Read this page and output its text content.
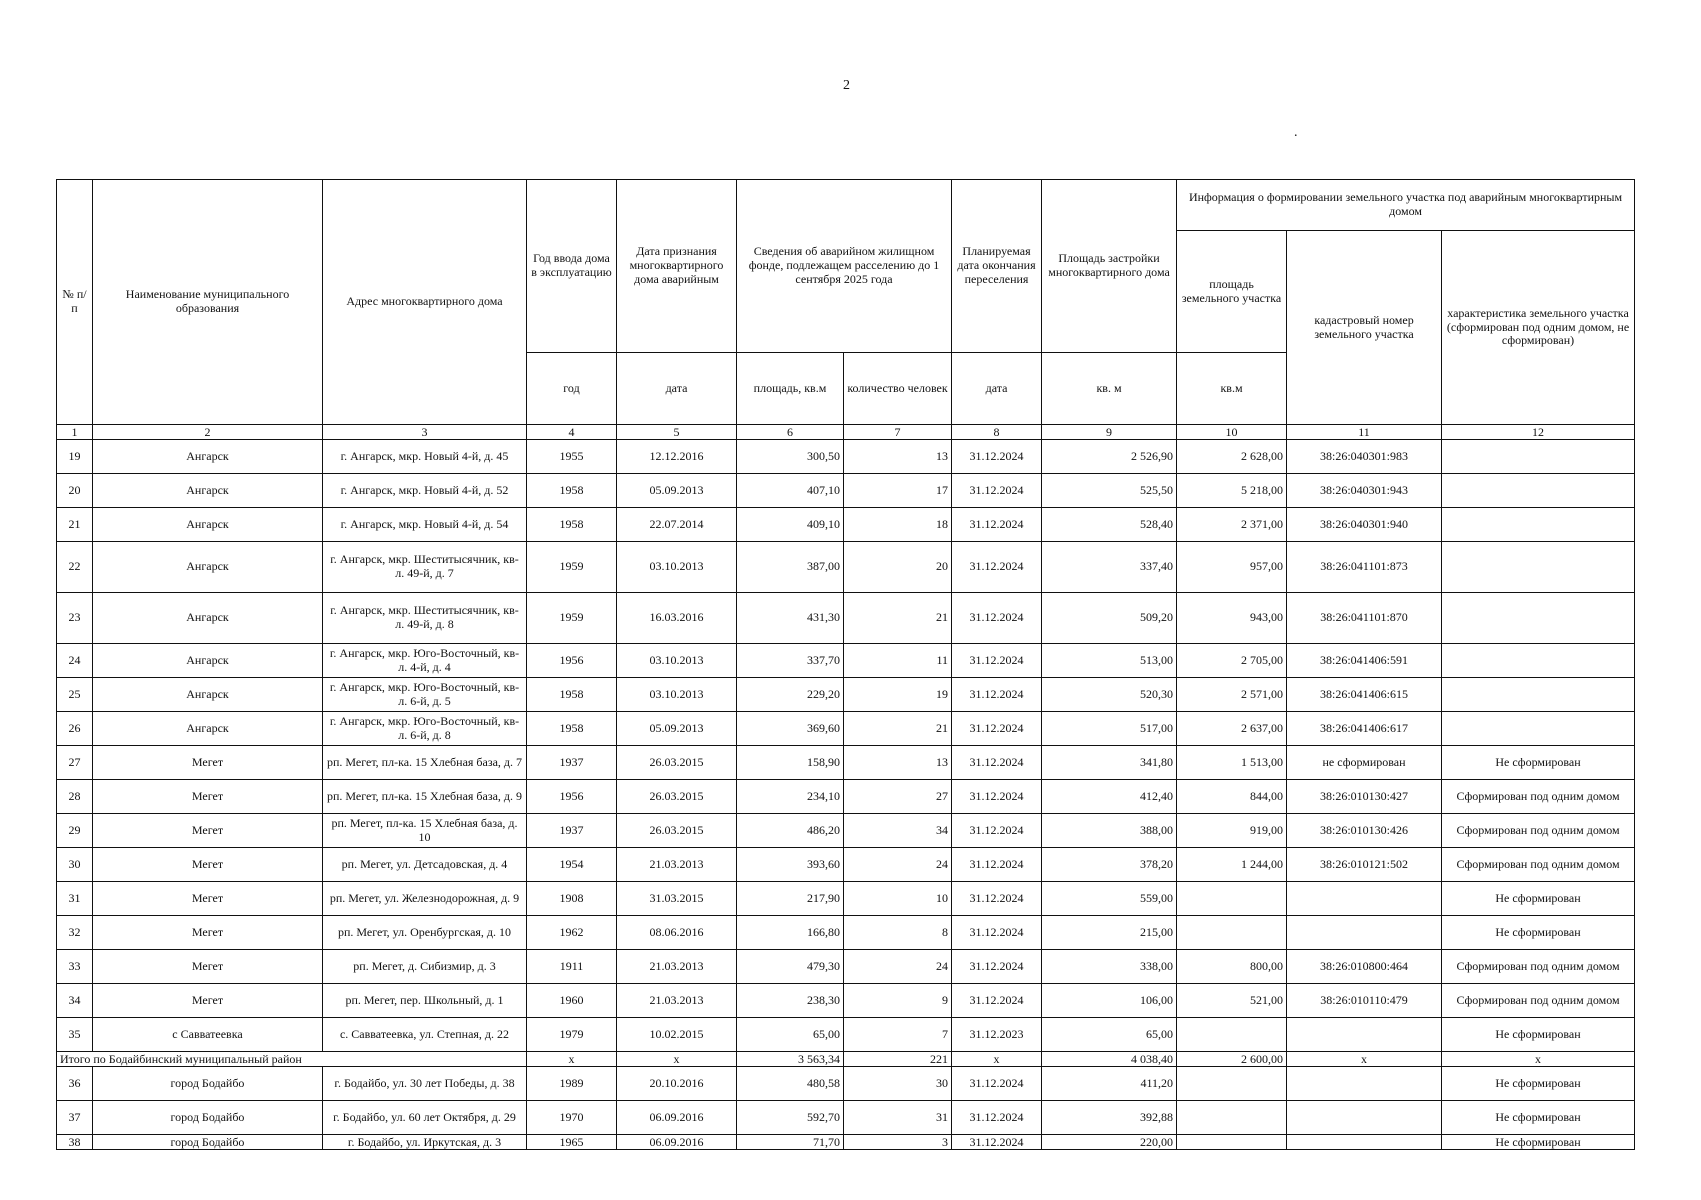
2
.
№ п/п	Наименование муниципального образования	Адрес многоквартирного дома	Год ввода дома в эксплуатацию	Дата признания многоквартирного дома аварийным	Сведения об аварийном жилищном фонде, подлежащем расселению до 1 сентября 2025 года		Планируемая дата окончания переселения	Площадь застройки многоквартирного дома	Информация о формировании земельного участка под аварийным многоквартирным домом		
									площадь земельного участка	кадастровый номер земельного участка	характеристика земельного участка (сформирован под одним домом, не сформирован)
			год	дата	площадь, кв.м	количество человек	дата	кв. м	кв.м		
1	2	3	4	5	6	7	8	9	10	11	12
19	Ангарск	г. Ангарск, мкр. Новый 4-й, д. 45	1955	12.12.2016	300,50	13	31.12.2024	2 526,90	2 628,00	38:26:040301:983	
20	Ангарск	г. Ангарск, мкр. Новый 4-й, д. 52	1958	05.09.2013	407,10	17	31.12.2024	525,50	5 218,00	38:26:040301:943	
21	Ангарск	г. Ангарск, мкр. Новый 4-й, д. 54	1958	22.07.2014	409,10	18	31.12.2024	528,40	2 371,00	38:26:040301:940	
22	Ангарск	г. Ангарск, мкр. Шеститысячник, кв-л. 49-й, д. 7	1959	03.10.2013	387,00	20	31.12.2024	337,40	957,00	38:26:041101:873	
23	Ангарск	г. Ангарск, мкр. Шеститысячник, кв-л. 49-й, д. 8	1959	16.03.2016	431,30	21	31.12.2024	509,20	943,00	38:26:041101:870	
24	Ангарск	г. Ангарск, мкр. Юго-Восточный, кв-л. 4-й, д. 4	1956	03.10.2013	337,70	11	31.12.2024	513,00	2 705,00	38:26:041406:591	
25	Ангарск	г. Ангарск, мкр. Юго-Восточный, кв-л. 6-й, д. 5	1958	03.10.2013	229,20	19	31.12.2024	520,30	2 571,00	38:26:041406:615	
26	Ангарск	г. Ангарск, мкр. Юго-Восточный, кв-л. 6-й, д. 8	1958	05.09.2013	369,60	21	31.12.2024	517,00	2 637,00	38:26:041406:617	
27	Мегет	рп. Мегет, пл-ка. 15 Хлебная база, д. 7	1937	26.03.2015	158,90	13	31.12.2024	341,80	1 513,00	не сформирован	Не сформирован
28	Мегет	рп. Мегет, пл-ка. 15 Хлебная база, д. 9	1956	26.03.2015	234,10	27	31.12.2024	412,40	844,00	38:26:010130:427	Сформирован под одним домом
29	Мегет	рп. Мегет, пл-ка. 15 Хлебная база, д. 10	1937	26.03.2015	486,20	34	31.12.2024	388,00	919,00	38:26:010130:426	Сформирован под одним домом
30	Мегет	рп. Мегет, ул. Детсадовская, д. 4	1954	21.03.2013	393,60	24	31.12.2024	378,20	1 244,00	38:26:010121:502	Сформирован под одним домом
31	Мегет	рп. Мегет, ул. Железнодорожная, д. 9	1908	31.03.2015	217,90	10	31.12.2024	559,00			Не сформирован
32	Мегет	рп. Мегет, ул. Оренбургская, д. 10	1962	08.06.2016	166,80	8	31.12.2024	215,00			Не сформирован
33	Мегет	рп. Мегет, д. Сибизмир, д. 3	1911	21.03.2013	479,30	24	31.12.2024	338,00	800,00	38:26:010800:464	Сформирован под одним домом
34	Мегет	рп. Мегет, пер. Школьный, д. 1	1960	21.03.2013	238,30	9	31.12.2024	106,00	521,00	38:26:010110:479	Сформирован под одним домом
35	с Савватеевка	с. Савватеевка, ул. Степная, д. 22	1979	10.02.2015	65,00	7	31.12.2023	65,00			Не сформирован
Итого по Бодайбинский муниципальный район			x	x	3 563,34	221	x	4 038,40	2 600,00	x	x
36	город Бодайбо	г. Бодайбо, ул. 30 лет Победы, д. 38	1989	20.10.2016	480,58	30	31.12.2024	411,20			Не сформирован
37	город Бодайбо	г. Бодайбо, ул. 60 лет Октября, д. 29	1970	06.09.2016	592,70	31	31.12.2024	392,88			Не сформирован
38	город Бодайбо	г. Бодайбо, ул. Иркутская, д. 3	1965	06.09.2016	71,70	3	31.12.2024	220,00			Не сформирован
